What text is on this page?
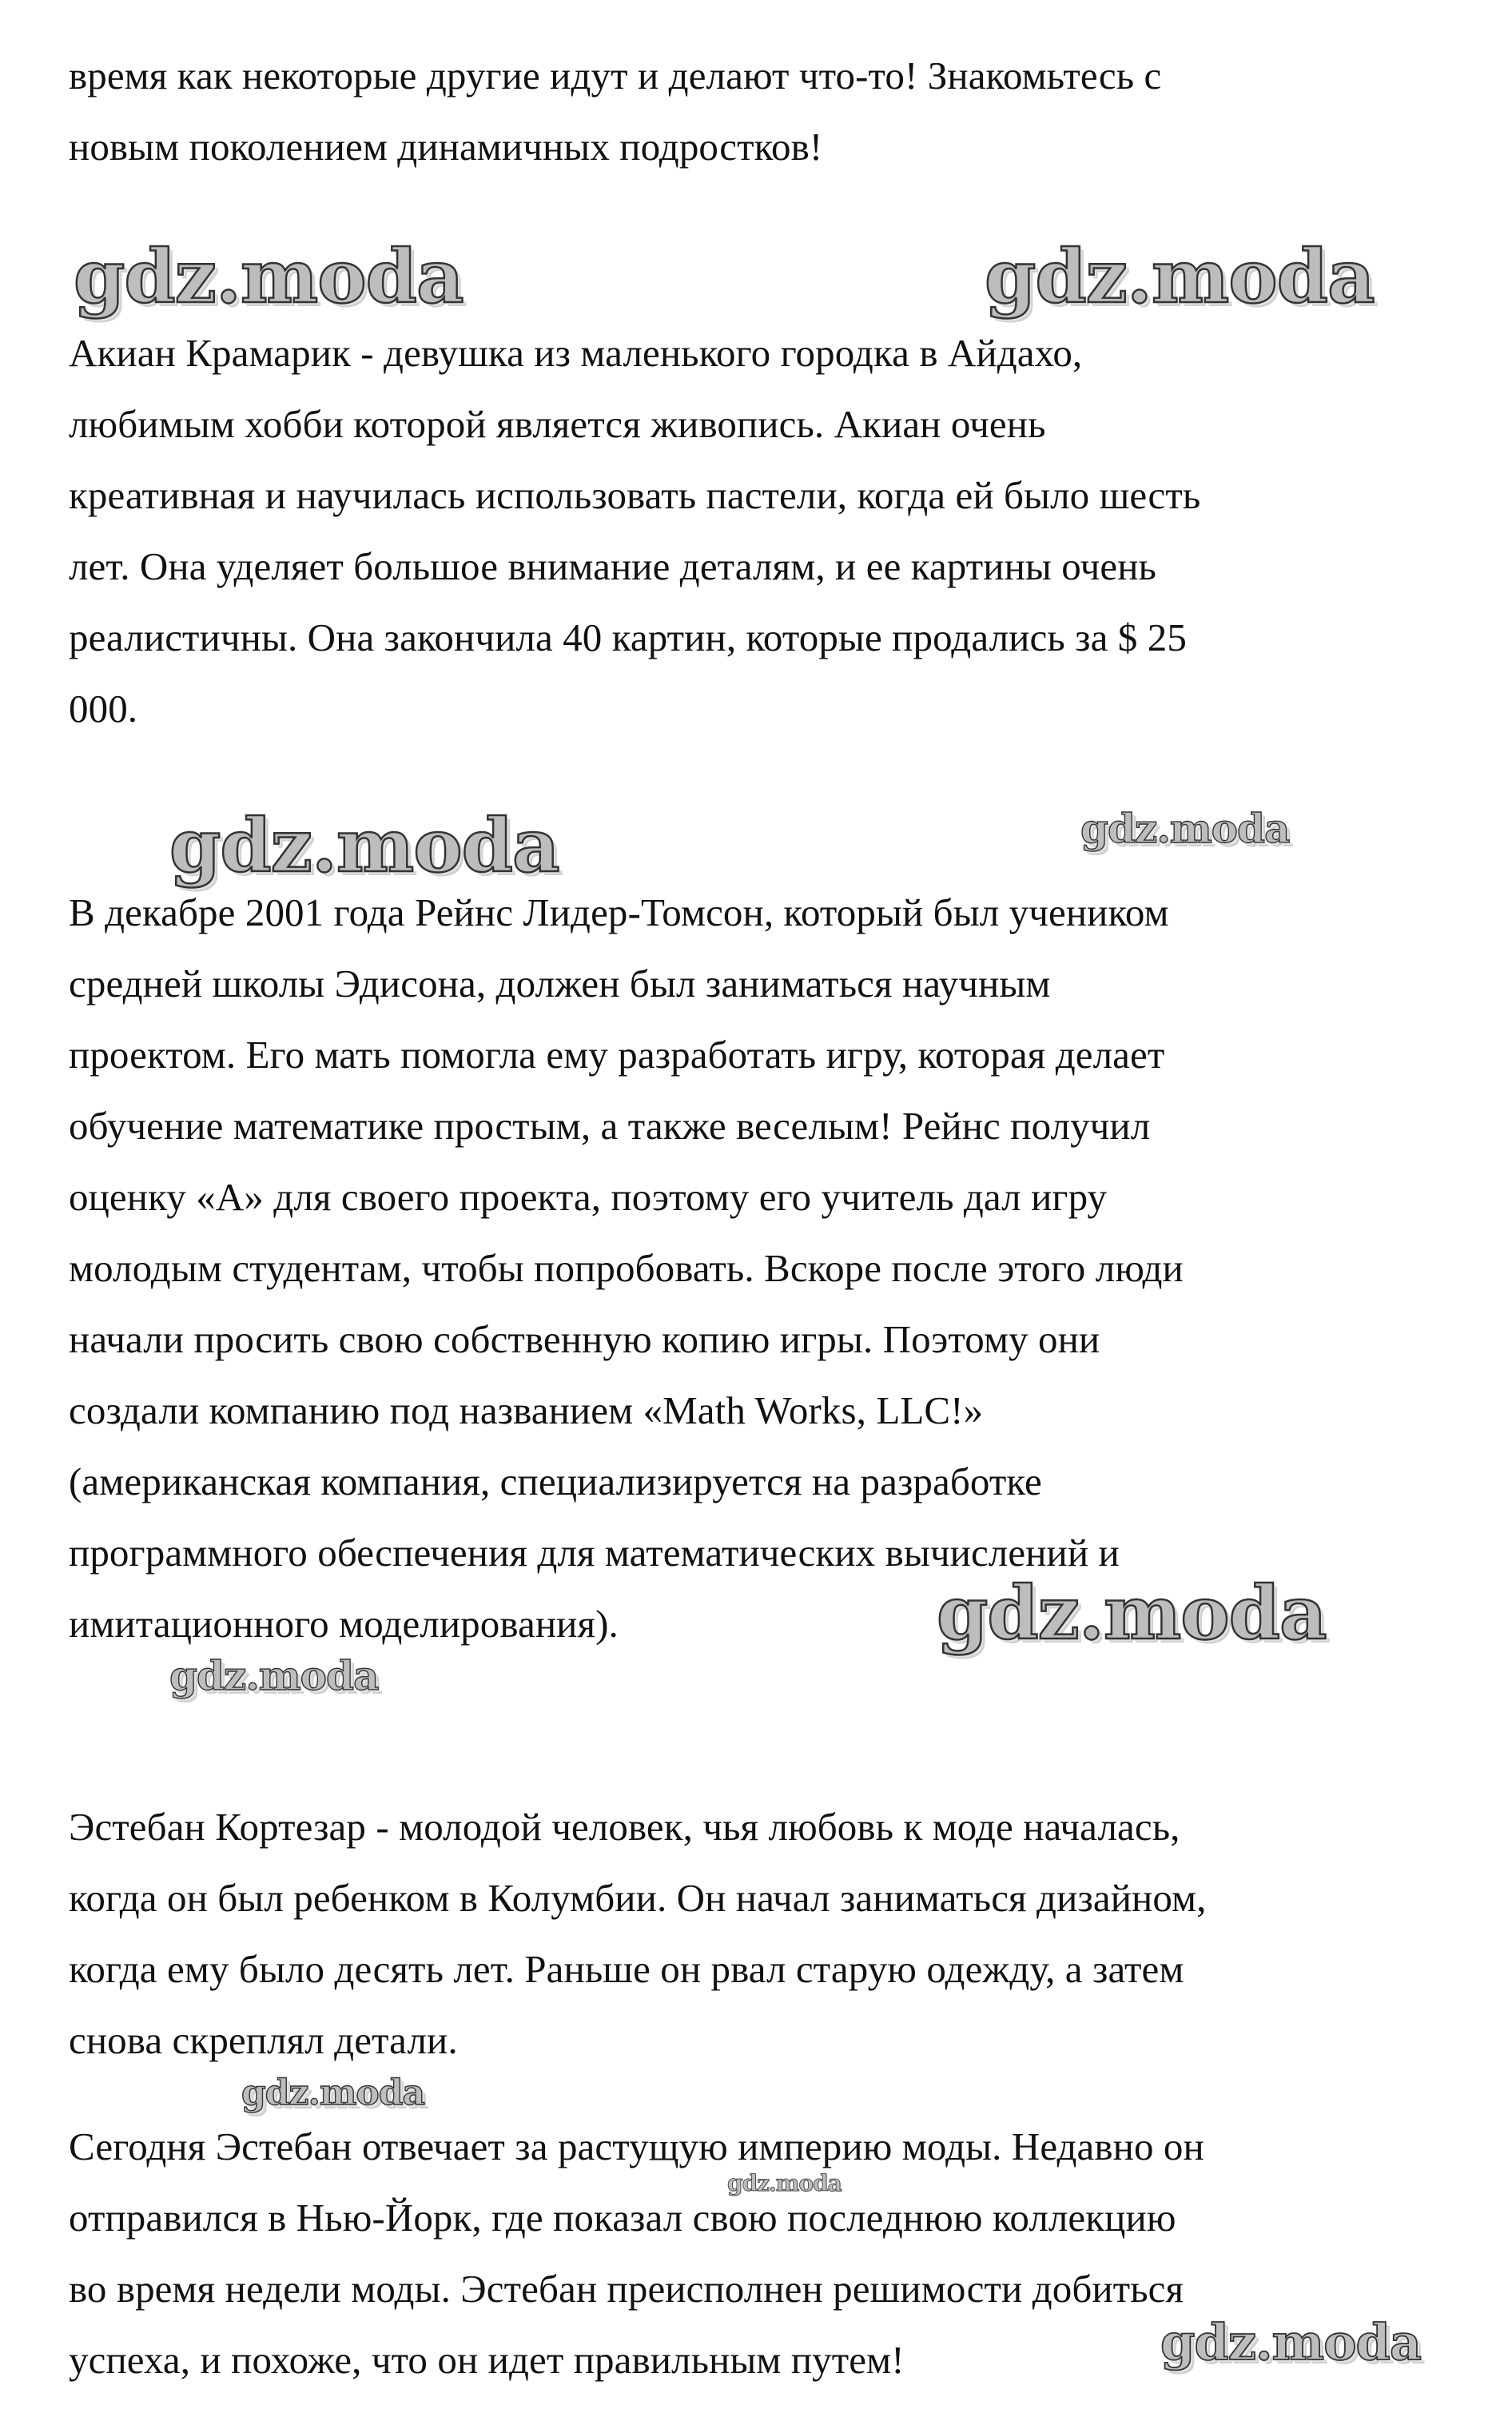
время как некоторые другие идут и делают что-то! Знакомьтесь с
новым поколением динамичных подростков!
gdz.moda	gdz.moda
Акиан Крамарик - девушка из маленького городка в Айдахо,
любимым хобби которой является живопись. Акиан очень
креативная и научилась использовать пастели, когда ей было шесть
лет. Она уделяет большое внимание деталям, и ее картины очень
реалистичны. Она закончила 40 картин, которые продались за $ 25
000.
gdz.moda	gdz.moda
В декабре 2001 года Рейнс Лидер-Томсон, который был учеником
средней школы Эдисона, должен был заниматься научным
проектом. Его мать помогла ему разработать игру, которая делает
обучение математике простым, а также веселым! Рейнс получил
оценку «А» для своего проекта, поэтому его учитель дал игру
молодым студентам, чтобы попробовать. Вскоре после этого люди
начали просить свою собственную копию игры. Поэтому они
создали компанию под названием «Math Works, LLC!»
(американская компания, специализируется на разработке
программного обеспечения для математических вычислений и
имитационного моделирования).	gdz.moda
gdz.moda
Эстебан Кортезар - молодой человек, чья любовь к моде началась,
когда он был ребенком в Колумбии. Он начал заниматься дизайном,
когда ему было десять лет. Раньше он рвал старую одежду, а затем
снова скреплял детали.
gdz.moda
Сегодня Эстебан отвечает за растущую империю моды. Недавно он
отправился в Нью-Йорк, где показал свою последнюю коллекцию
во время недели моды. Эстебан преисполнен решимости добиться
успеха, и похоже, что он идет правильным путем!
gdz.moda
gdz.moda
